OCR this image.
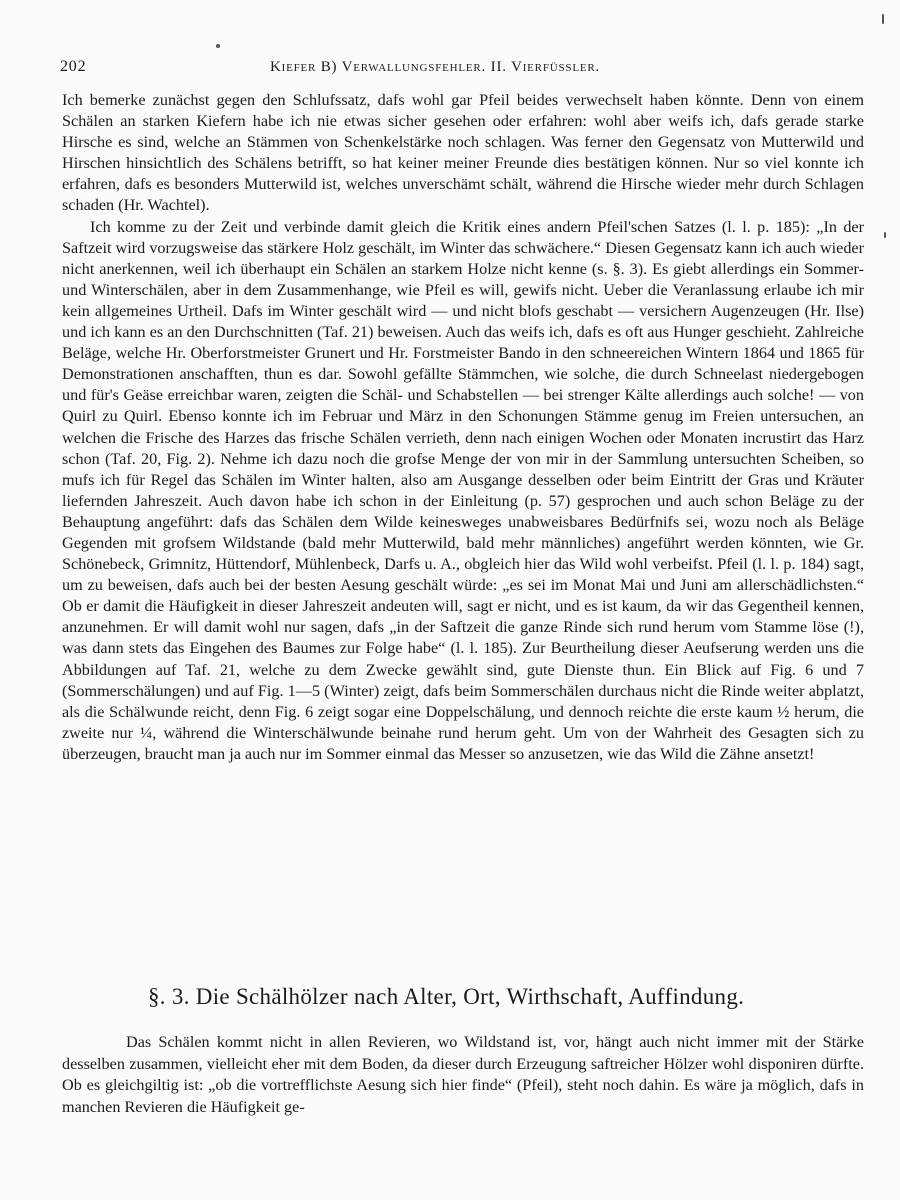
202	Kiefer B) Verwallungsfehler. II. Vierfüssler.

Ich bemerke zunächst gegen den Schlufssatz, dafs wohl gar Pfeil beides verwechselt haben könnte. Denn von einem Schälen an starken Kiefern habe ich nie etwas sicher gesehen oder erfahren: wohl aber weifs ich, dafs gerade starke Hirsche es sind, welche an Stämmen von Schenkelstärke noch schlagen. Was ferner den Gegensatz von Mutterwild und Hirschen hinsichtlich des Schälens betrifft, so hat keiner meiner Freunde dies bestätigen können. Nur so viel konnte ich erfahren, dafs es besonders Mutterwild ist, welches unverschämt schält, während die Hirsche wieder mehr durch Schlagen schaden (Hr. Wachtel).

Ich komme zu der Zeit und verbinde damit gleich die Kritik eines andern Pfeil'schen Satzes (l. l. p. 185): „In der Saftzeit wird vorzugsweise das stärkere Holz geschält, im Winter das schwächere.“ Diesen Gegensatz kann ich auch wieder nicht anerkennen, weil ich überhaupt ein Schälen an starkem Holze nicht kenne (s. §. 3). Es giebt allerdings ein Sommer- und Winterschälen, aber in dem Zusammenhange, wie Pfeil es will, gewifs nicht. Ueber die Veranlassung erlaube ich mir kein allgemeines Urtheil. Dafs im Winter geschält wird — und nicht blofs geschabt — versichern Augenzeugen (Hr. Ilse) und ich kann es an den Durchschnitten (Taf. 21) beweisen. Auch das weifs ich, dafs es oft aus Hunger geschieht. Zahlreiche Beläge, welche Hr. Oberforstmeister Grunert und Hr. Forstmeister Bando in den schneereichen Wintern 1864 und 1865 für Demonstrationen anschafften, thun es dar. Sowohl gefällte Stämmchen, wie solche, die durch Schneelast niedergebogen und für's Geäse erreichbar waren, zeigten die Schäl- und Schabstellen — bei strenger Kälte allerdings auch solche! — von Quirl zu Quirl. Ebenso konnte ich im Februar und März in den Schonungen Stämme genug im Freien untersuchen, an welchen die Frische des Harzes das frische Schälen verrieth, denn nach einigen Wochen oder Monaten incrustirt das Harz schon (Taf. 20, Fig. 2). Nehme ich dazu noch die grofse Menge der von mir in der Sammlung untersuchten Scheiben, so mufs ich für Regel das Schälen im Winter halten, also am Ausgange desselben oder beim Eintritt der Gras und Kräuter liefernden Jahreszeit. Auch davon habe ich schon in der Einleitung (p. 57) gesprochen und auch schon Beläge zu der Behauptung angeführt: dafs das Schälen dem Wilde keinesweges unabweisbares Bedürfnifs sei, wozu noch als Beläge Gegenden mit grofsem Wildstande (bald mehr Mutterwild, bald mehr männliches) angeführt werden könnten, wie Gr. Schönebeck, Grimnitz, Hüttendorf, Mühlenbeck, Darfs u. A., obgleich hier das Wild wohl verbeifst. Pfeil (l. l. p. 184) sagt, um zu beweisen, dafs auch bei der besten Aesung geschält würde: „es sei im Monat Mai und Juni am allerschädlichsten.“ Ob er damit die Häufigkeit in dieser Jahreszeit andeuten will, sagt er nicht, und es ist kaum, da wir das Gegentheil kennen, anzunehmen. Er will damit wohl nur sagen, dafs „in der Saftzeit die ganze Rinde sich rund herum vom Stamme löse (!), was dann stets das Eingehen des Baumes zur Folge habe“ (l. l. 185). Zur Beurtheilung dieser Aeufserung werden uns die Abbildungen auf Taf. 21, welche zu dem Zwecke gewählt sind, gute Dienste thun. Ein Blick auf Fig. 6 und 7 (Sommerschälungen) und auf Fig. 1—5 (Winter) zeigt, dafs beim Sommerschälen durchaus nicht die Rinde weiter abplatzt, als die Schälwunde reicht, denn Fig. 6 zeigt sogar eine Doppelschälung, und dennoch reichte die erste kaum ½ herum, die zweite nur ¼, während die Winterschälwunde beinahe rund herum geht. Um von der Wahrheit des Gesagten sich zu überzeugen, braucht man ja auch nur im Sommer einmal das Messer so anzusetzen, wie das Wild die Zähne ansetzt!

§. 3. Die Schälhölzer nach Alter, Ort, Wirthschaft, Auffindung.

Das Schälen kommt nicht in allen Revieren, wo Wildstand ist, vor, hängt auch nicht immer mit der Stärke desselben zusammen, vielleicht eher mit dem Boden, da dieser durch Erzeugung saftreicher Hölzer wohl disponiren dürfte. Ob es gleichgiltig ist: „ob die vortrefflichste Aesung sich hier finde“ (Pfeil), steht noch dahin. Es wäre ja möglich, dafs in manchen Revieren die Häufigkeit ge-
